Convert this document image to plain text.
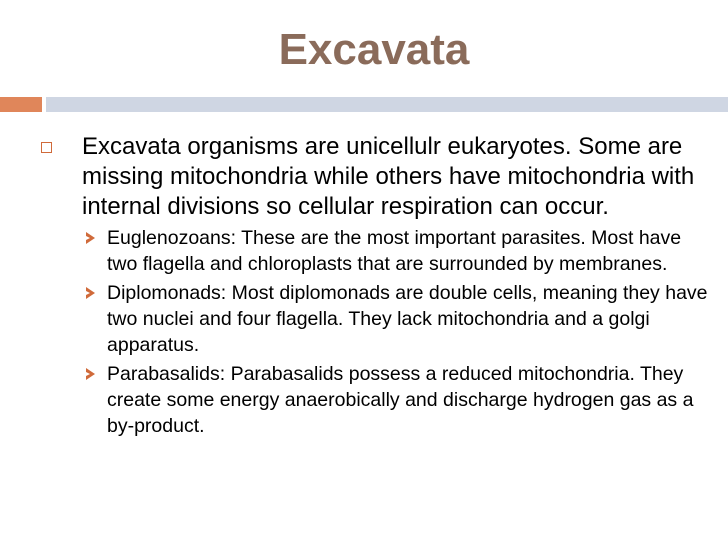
Excavata
Excavata organisms are unicellulr eukaryotes. Some are missing mitochondria while others have mitochondria with internal divisions so cellular respiration can occur.
Euglenozoans: These are the most important parasites. Most have two flagella and chloroplasts that are surrounded by membranes.
Diplomonads: Most diplomonads are double cells, meaning they have two nuclei and four flagella. They lack mitochondria and a golgi apparatus.
Parabasalids: Parabasalids possess a reduced mitochondria. They create some energy anaerobically and discharge hydrogen gas as a by-product.
